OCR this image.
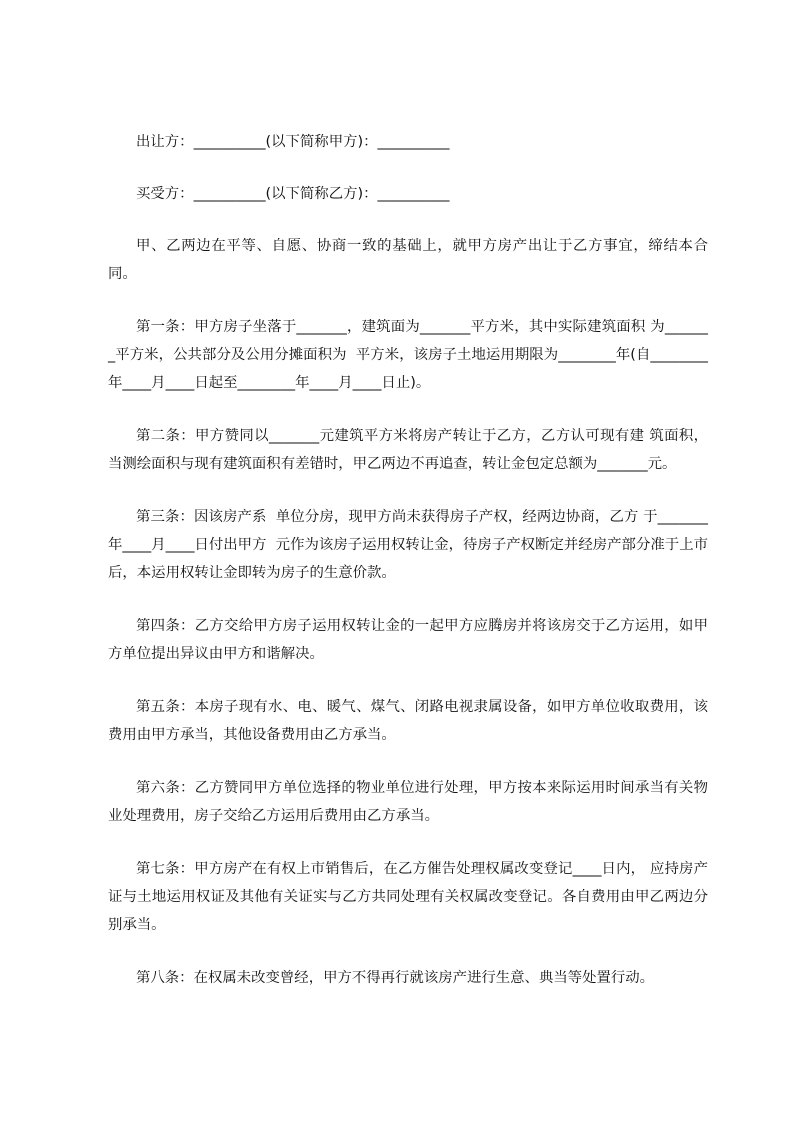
出让方：__________(以下简称甲方)：__________

买受方：__________(以下简称乙方)：__________

甲、乙两边在平等、自愿、协商一致的基础上，就甲方房产出让于乙方事宜，缔结本合同。

第一条：甲方房子坐落于_______，建筑面为_______平方米，其中实际建筑面积 为_______平方米，公共部分及公用分摊面积为  平方米，该房子土地运用期限为________年(自________年____月____日起至________年____月____日止)。

第二条：甲方赞同以_______元建筑平方米将房产转让于乙方，乙方认可现有建 筑面积，当测绘面积与现有建筑面积有差错时，甲乙两边不再追查，转让金包定总额为_______元。

第三条：因该房产系  单位分房，现甲方尚未获得房子产权，经两边协商，乙方 于_______年____月____日付出甲方  元作为该房子运用权转让金，待房子产权断定并经房产部分准于上市后，本运用权转让金即转为房子的生意价款。

第四条：乙方交给甲方房子运用权转让金的一起甲方应腾房并将该房交于乙方运用，如甲方单位提出异议由甲方和谐解决。

第五条：本房子现有水、电、暖气、煤气、闭路电视隶属设备，如甲方单位收取费用，该费用由甲方承当，其他设备费用由乙方承当。

第六条：乙方赞同甲方单位选择的物业单位进行处理，甲方按本来际运用时间承当有关物业处理费用，房子交给乙方运用后费用由乙方承当。

第七条：甲方房产在有权上市销售后，在乙方催告处理权属改变登记____日内， 应持房产证与土地运用权证及其他有关证实与乙方共同处理有关权属改变登记。各自费用由甲乙两边分别承当。

第八条：在权属未改变曾经，甲方不得再行就该房产进行生意、典当等处置行动。
